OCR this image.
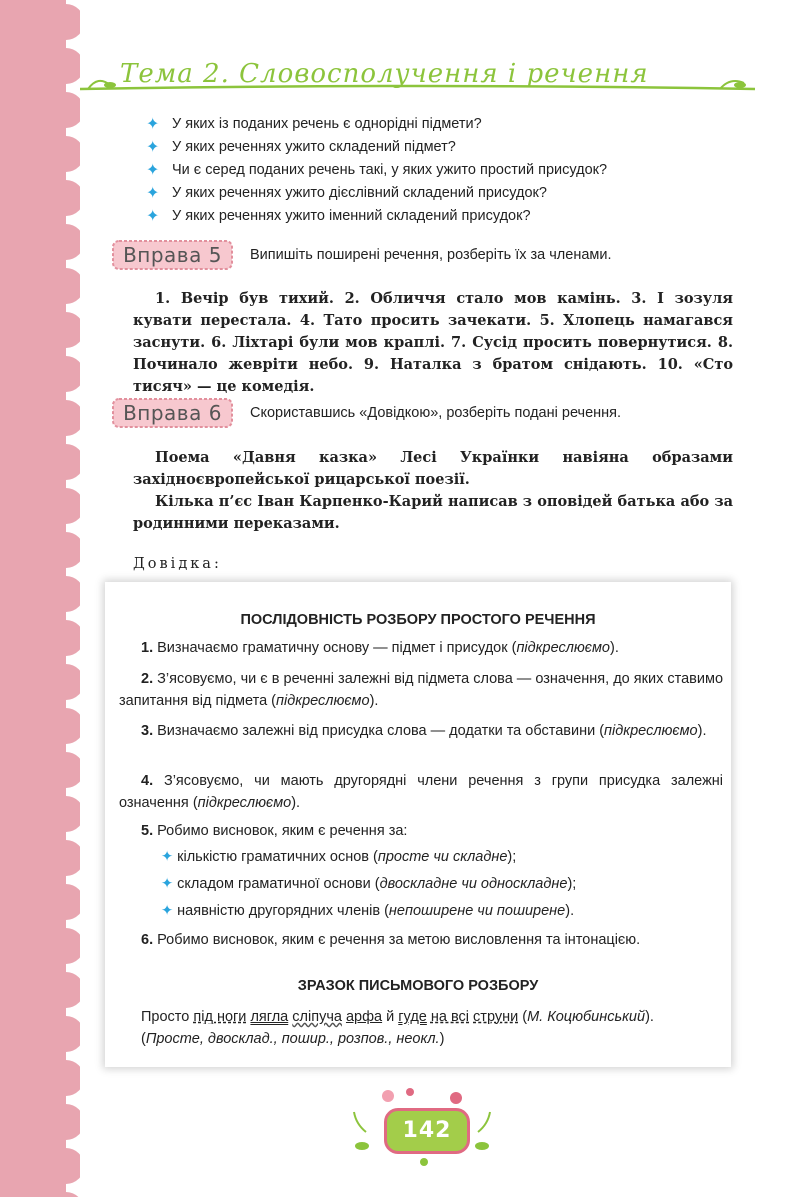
Тема 2. Словосполучення і речення
✦ У яких із поданих речень є однорідні підмети?
✦ У яких реченнях ужито складений підмет?
✦ Чи є серед поданих речень такі, у яких ужито простий присудок?
✦ У яких реченнях ужито дієслівний складений присудок?
✦ У яких реченнях ужито іменний складений присудок?
Вправа 5	Випишіть поширені речення, розберіть їх за членами.
1. Вечір був тихий. 2. Обличчя стало мов камінь. 3. І зозуля кувати перестала. 4. Тато просить зачекати. 5. Хлопець намагався заснути. 6. Ліхтарі були мов краплі. 7. Сусід просить повернутися. 8. Починало жевріти небо. 9. Наталка з братом снідають. 10. «Сто тисяч» — це комедія.
Вправа 6	Скориставшись «Довідкою», розберіть подані речення.
Поема «Давня казка» Лесі Українки навіяна образами західноєвропейської рицарської поезії.
Кілька п’єс Іван Карпенко-Карий написав з оповідей батька або за родинними переказами.
Довідка:
ПОСЛІДОВНІСТЬ РОЗБОРУ ПРОСТОГО РЕЧЕННЯ
1. Визначаємо граматичну основу — підмет і присудок (підкреслюємо).
2. З’ясовуємо, чи є в реченні залежні від підмета слова — означення, до яких ставимо запитання від підмета (підкреслюємо).
3. Визначаємо залежні від присудка слова — додатки та обставини (підкреслюємо).
4. З’ясовуємо, чи мають другорядні члени речення з групи присудка залежні означення (підкреслюємо).
5. Робимо висновок, яким є речення за:
✦ кількістю граматичних основ (просте чи складне);
✦ складом граматичної основи (двоскладне чи односкладне);
✦ наявністю другорядних членів (непоширене чи поширене).
6. Робимо висновок, яким є речення за метою висловлення та інтонацією.
ЗРАЗОК ПИСЬМОВОГО РОЗБОРУ
Просто під ноги лягла сліпуча арфа й гуде на всі струни (М. Коцюбинський).
(Просте, двосклад., пошир., розпов., неокл.)
142
